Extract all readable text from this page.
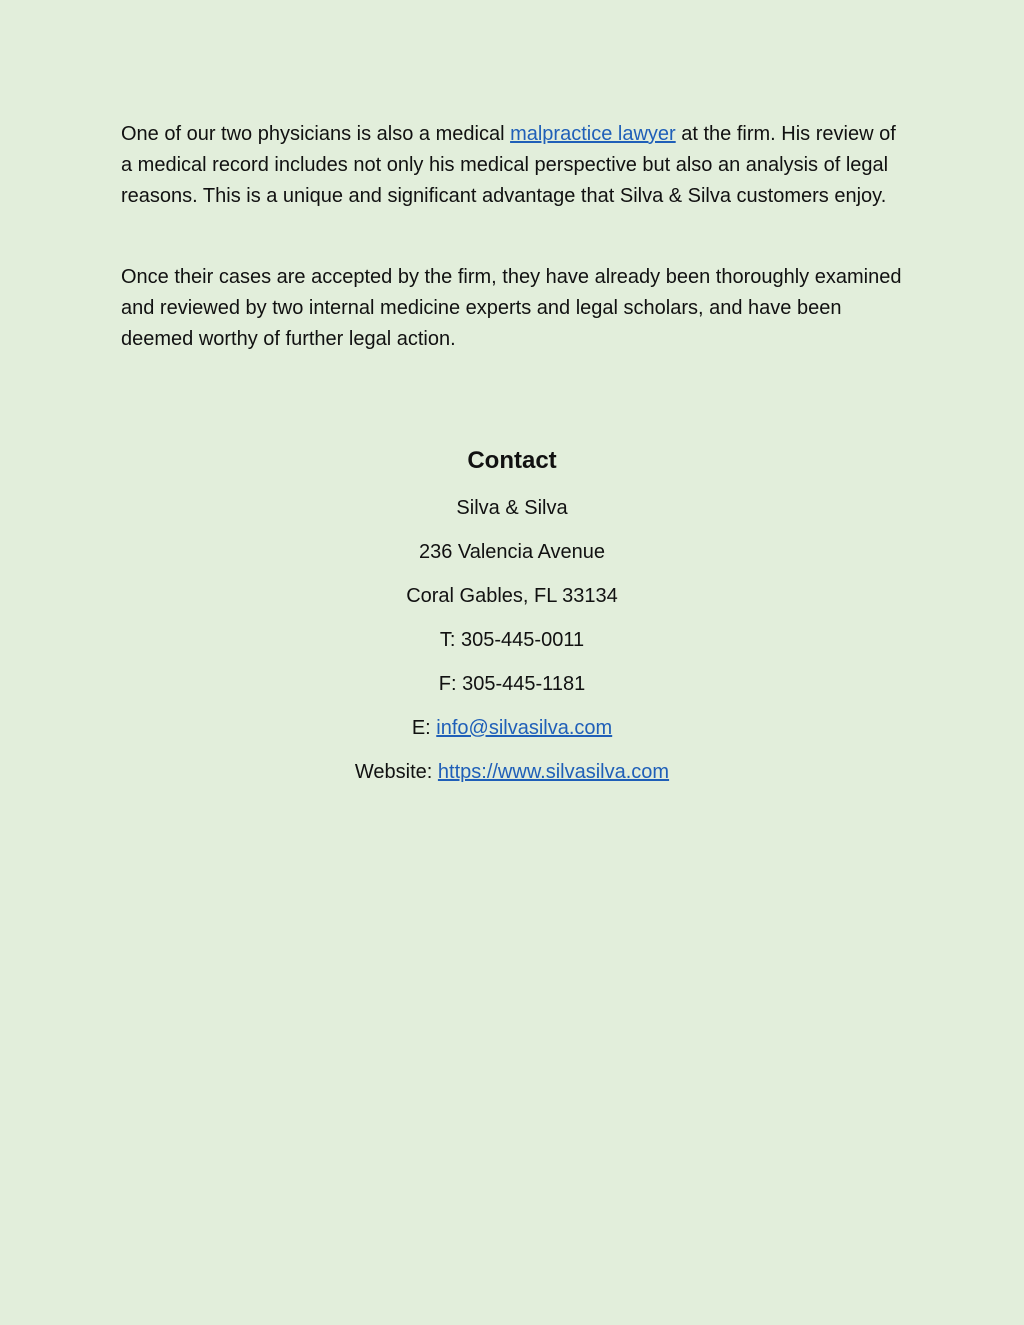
One of our two physicians is also a medical malpractice lawyer at the firm. His review of a medical record includes not only his medical perspective but also an analysis of legal reasons. This is a unique and significant advantage that Silva & Silva customers enjoy.

Once their cases are accepted by the firm, they have already been thoroughly examined and reviewed by two internal medicine experts and legal scholars, and have been deemed worthy of further legal action.

Contact
Silva & Silva
236 Valencia Avenue
Coral Gables, FL 33134
T: 305-445-0011
F: 305-445-1181
E: info@silvasilva.com
Website: https://www.silvasilva.com
